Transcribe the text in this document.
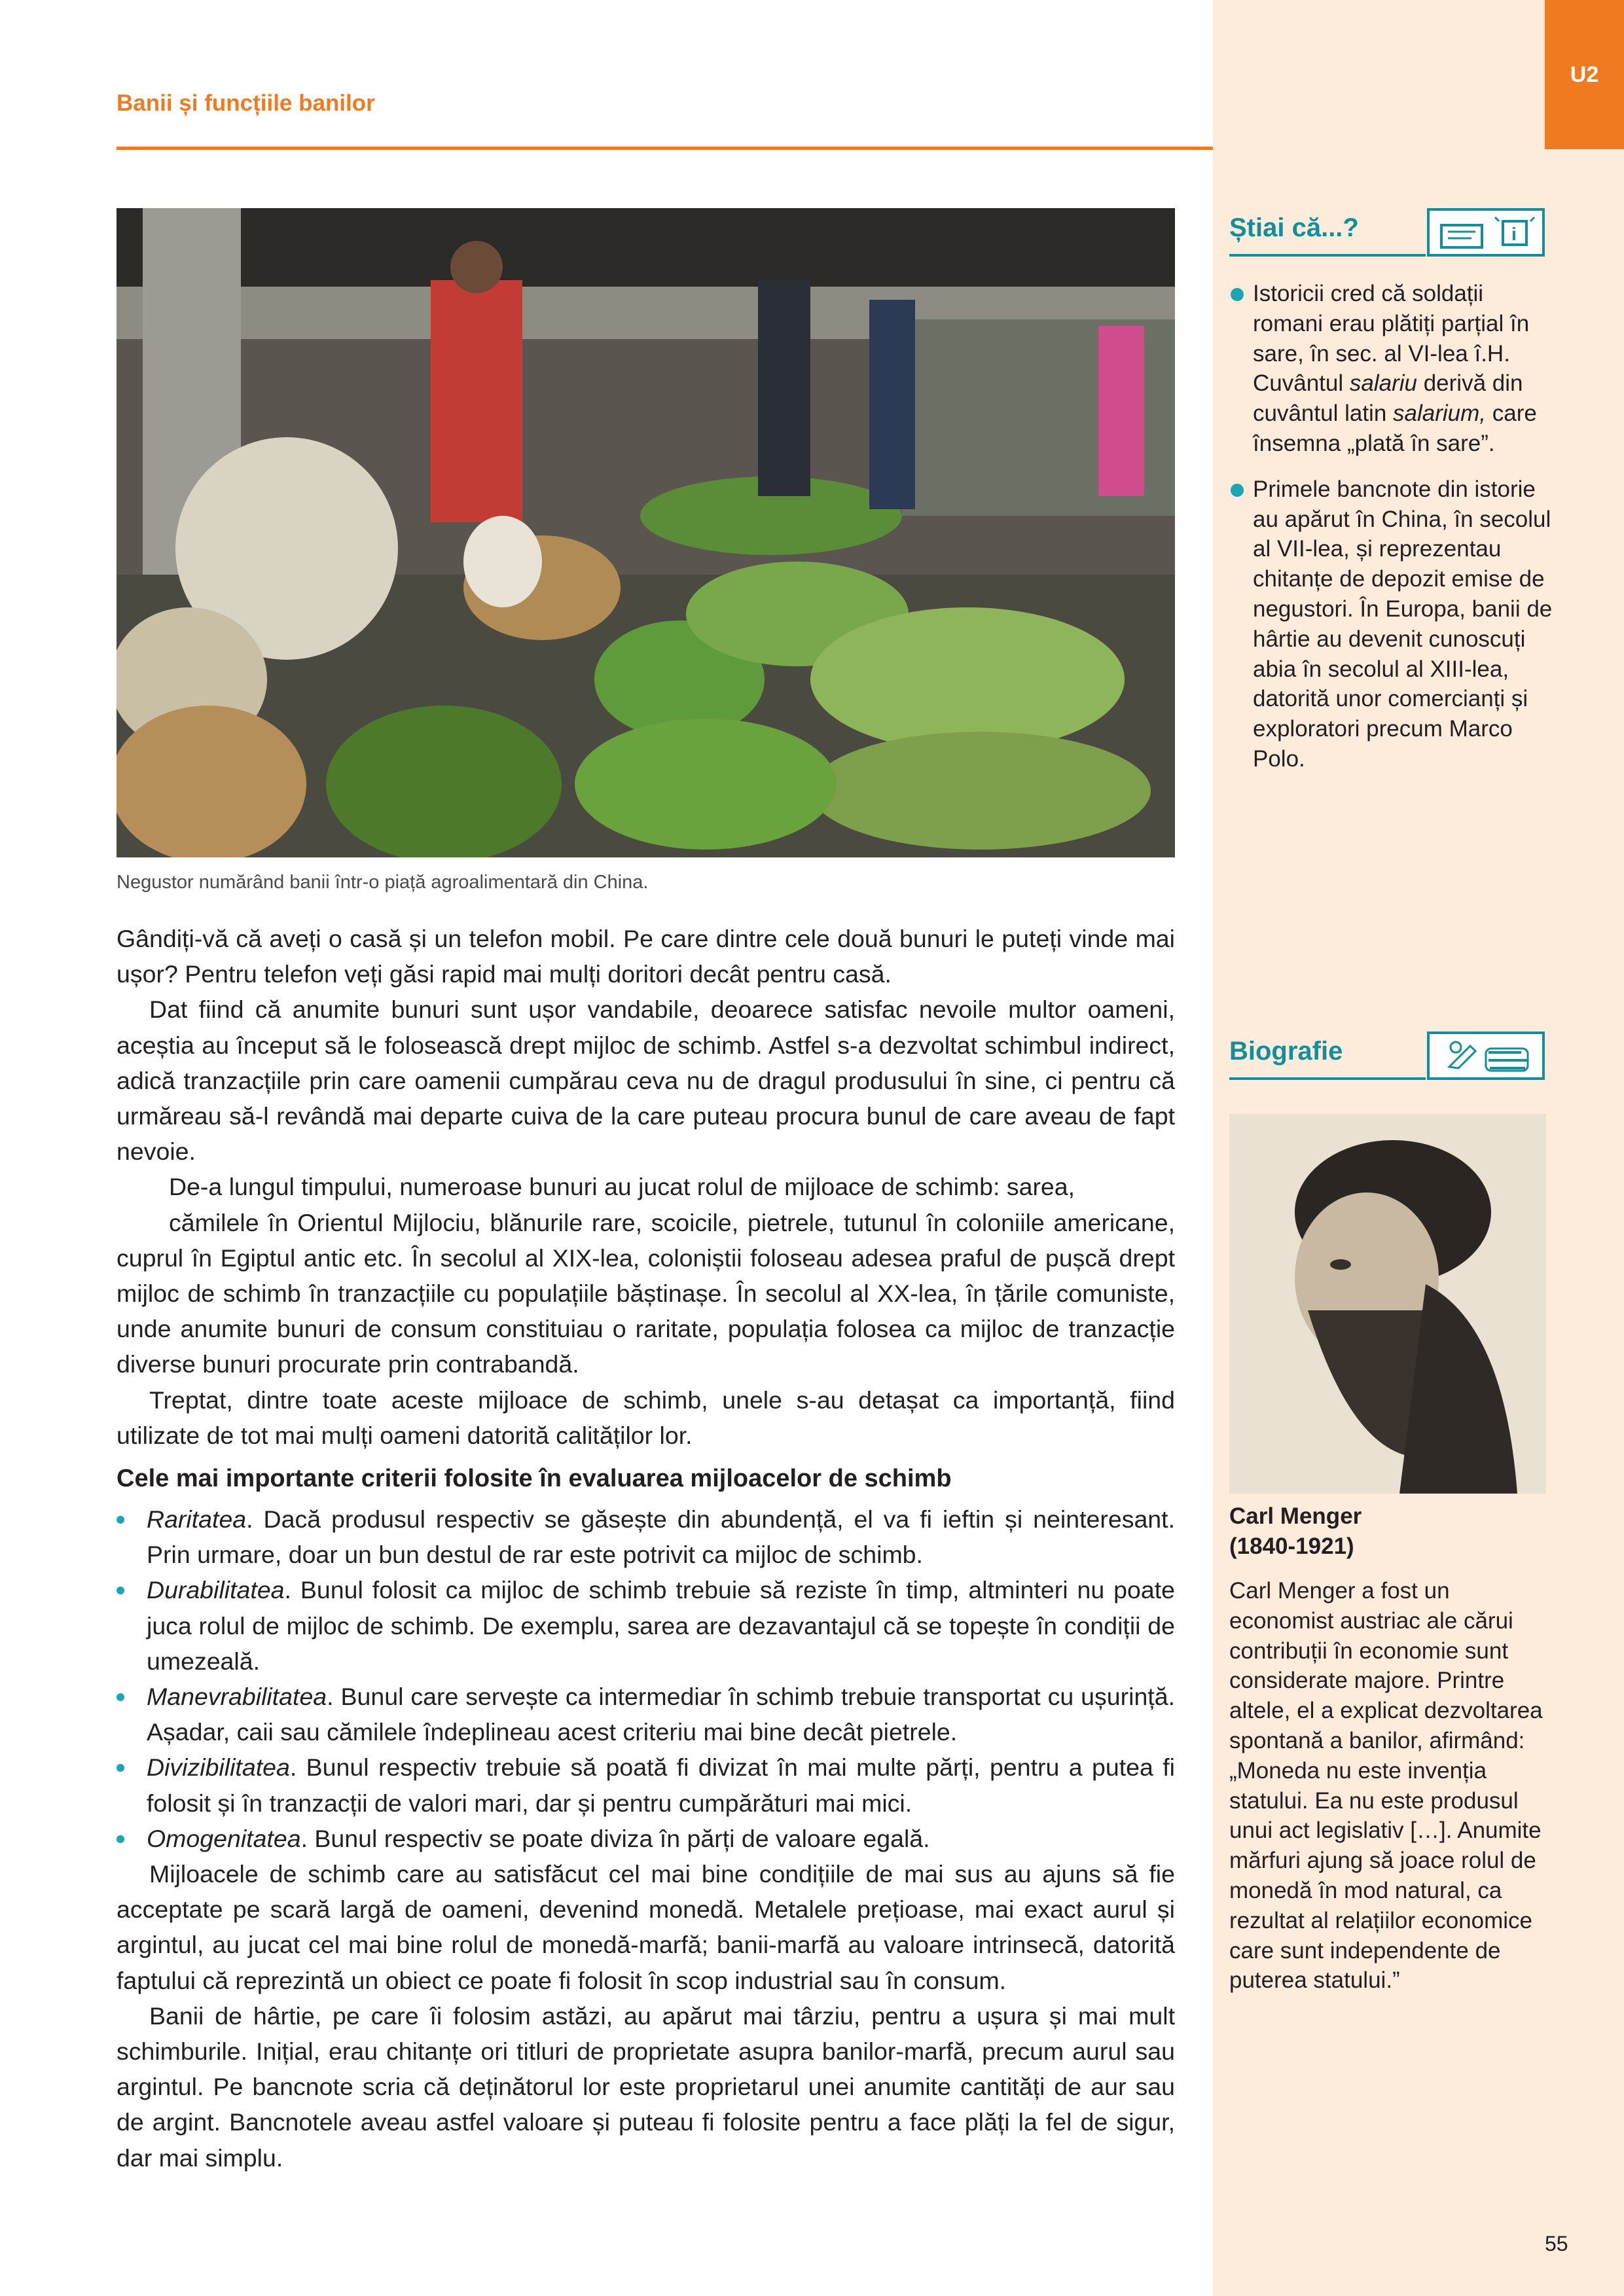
U2
Banii și funcțiile banilor
Negustor numărând banii într-o piață agroalimentară din China.

Gândiți-vă că aveți o casă și un telefon mobil. Pe care dintre cele două bunuri le puteți vinde mai ușor? Pentru telefon veți găsi rapid mai mulți doritori decât pentru casă.

Dat fiind că anumite bunuri sunt ușor vandabile, deoarece satisfac nevoile multor oameni, aceștia au început să le folosească drept mijloc de schimb. Astfel s-a dezvoltat schimbul indirect, adică tranzacțiile prin care oamenii cumpărau ceva nu de dragul produsului în sine, ci pentru că urmăreau să-l revândă mai departe cuiva de la care puteau procura bunul de care aveau de fapt nevoie.

De-a lungul timpului, numeroase bunuri au jucat rolul de mijloace de schimb: sarea,

cămilele în Orientul Mijlociu, blănurile rare, scoicile, pietrele, tutunul în coloniile americane, cuprul în Egiptul antic etc. În secolul al XIX-lea, coloniștii foloseau adesea praful de pușcă drept mijloc de schimb în tranzacțiile cu populațiile băștinașe. În secolul al XX-lea, în țările comuniste, unde anumite bunuri de consum constituiau o raritate, populația folosea ca mijloc de tranzacție diverse bunuri procurate prin contrabandă.

Treptat, dintre toate aceste mijloace de schimb, unele s-au detașat ca importanță, fiind utilizate de tot mai mulți oameni datorită calităților lor.

Cele mai importante criterii folosite în evaluarea mijloacelor de schimb
Raritatea. Dacă produsul respectiv se găsește din abundență, el va fi ieftin și neinteresant. Prin urmare, doar un bun destul de rar este potrivit ca mijloc de schimb.
Durabilitatea. Bunul folosit ca mijloc de schimb trebuie să reziste în timp, altminteri nu poate juca rolul de mijloc de schimb. De exemplu, sarea are dezavantajul că se topește în condiții de umezeală.
Manevrabilitatea. Bunul care servește ca intermediar în schimb trebuie transportat cu ușurință. Așadar, caii sau cămilele îndeplineau acest criteriu mai bine decât pietrele.
Divizibilitatea. Bunul respectiv trebuie să poată fi divizat în mai multe părți, pentru a putea fi folosit și în tranzacții de valori mari, dar și pentru cumpărături mai mici.
Omogenitatea. Bunul respectiv se poate diviza în părți de valoare egală.
Mijloacele de schimb care au satisfăcut cel mai bine condițiile de mai sus au ajuns să fie acceptate pe scară largă de oameni, devenind monedă. Metalele prețioase, mai exact aurul și argintul, au jucat cel mai bine rolul de monedă-marfă; banii-marfă au valoare intrinsecă, datorită faptului că reprezintă un obiect ce poate fi folosit în scop industrial sau în consum.
Banii de hârtie, pe care îi folosim astăzi, au apărut mai târziu, pentru a ușura și mai mult schimburile. Inițial, erau chitanțe ori titluri de proprietate asupra banilor-marfă, precum aurul sau argintul. Pe bancnote scria că deținătorul lor este proprietarul unei anumite cantități de aur sau de argint. Bancnotele aveau astfel valoare și puteau fi folosite pentru a face plăți la fel de sigur, dar mai simplu.
Știai că...?	i
Istoricii cred că soldații romani erau plătiți parțial în sare, în sec. al VI-lea î.H. Cuvântul salariu derivă din cuvântul latin salarium, care însemna „plată în sare”.
Primele bancnote din istorie au apărut în China, în secolul al VII-lea, și reprezentau chitanțe de depozit emise de negustori. În Europa, banii de hârtie au devenit cunoscuți abia în secolul al XIII-lea, datorită unor comercianți și exploratori precum Marco Polo.
Biografie
Carl Menger
(1840-1921)
Carl Menger a fost un economist austriac ale cărui contribuții în economie sunt considerate majore. Printre altele, el a explicat dezvoltarea spontană a banilor, afirmând: „Moneda nu este invenția statului. Ea nu este produsul unui act legislativ […]. Anumite mărfuri ajung să joace rolul de monedă în mod natural, ca rezultat al relațiilor economice care sunt independente de puterea statului.”
55
